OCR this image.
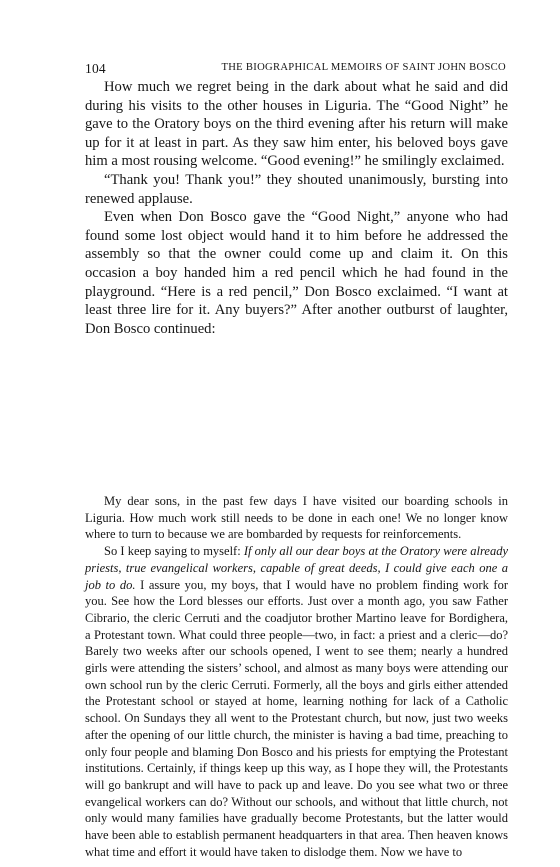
104	THE BIOGRAPHICAL MEMOIRS OF SAINT JOHN BOSCO

How much we regret being in the dark about what he said and did during his visits to the other houses in Liguria. The “Good Night” he gave to the Oratory boys on the third evening after his return will make up for it at least in part. As they saw him enter, his beloved boys gave him a most rousing welcome. “Good evening!” he smilingly exclaimed.

“Thank you! Thank you!” they shouted unanimously, bursting into renewed applause.

Even when Don Bosco gave the “Good Night,” anyone who had found some lost object would hand it to him before he addressed the assembly so that the owner could come up and claim it. On this occasion a boy handed him a red pencil which he had found in the playground. “Here is a red pencil,” Don Bosco exclaimed. “I want at least three lire for it. Any buyers?” After another outburst of laughter, Don Bosco continued:

My dear sons, in the past few days I have visited our boarding schools in Liguria. How much work still needs to be done in each one! We no longer know where to turn to because we are bombarded by requests for reinforcements.

So I keep saying to myself: If only all our dear boys at the Oratory were already priests, true evangelical workers, capable of great deeds, I could give each one a job to do. I assure you, my boys, that I would have no problem finding work for you. See how the Lord blesses our efforts. Just over a month ago, you saw Father Cibrario, the cleric Cerruti and the coadjutor brother Martino leave for Bordighera, a Protestant town. What could three people—two, in fact: a priest and a cleric—do? Barely two weeks after our schools opened, I went to see them; nearly a hundred girls were attending the sisters’ school, and almost as many boys were attending our own school run by the cleric Cerruti. Formerly, all the boys and girls either attended the Protestant school or stayed at home, learning nothing for lack of a Catholic school. On Sundays they all went to the Protestant church, but now, just two weeks after the opening of our little church, the minister is having a bad time, preaching to only four people and blaming Don Bosco and his priests for emptying the Protestant institutions. Certainly, if things keep up this way, as I hope they will, the Protestants will go bankrupt and will have to pack up and leave. Do you see what two or three evangelical workers can do? Without our schools, and without that little church, not only would many families have gradually become Protestants, but the latter would have been able to establish permanent headquarters in that area. Then heaven knows what time and effort it would have taken to dislodge them. Now we have to
